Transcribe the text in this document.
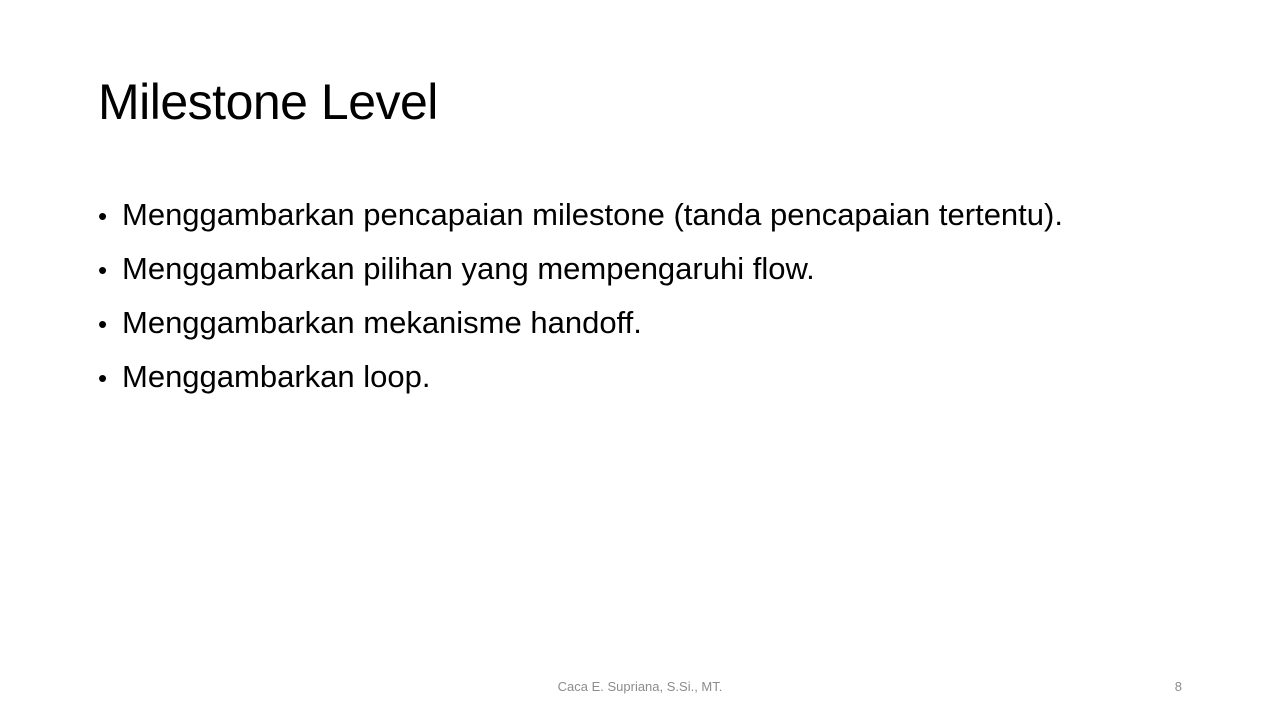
Milestone Level
• Menggambarkan pencapaian milestone (tanda pencapaian tertentu).
• Menggambarkan pilihan yang mempengaruhi flow.
• Menggambarkan mekanisme handoff.
• Menggambarkan loop.
Caca E. Supriana, S.Si., MT.	8
